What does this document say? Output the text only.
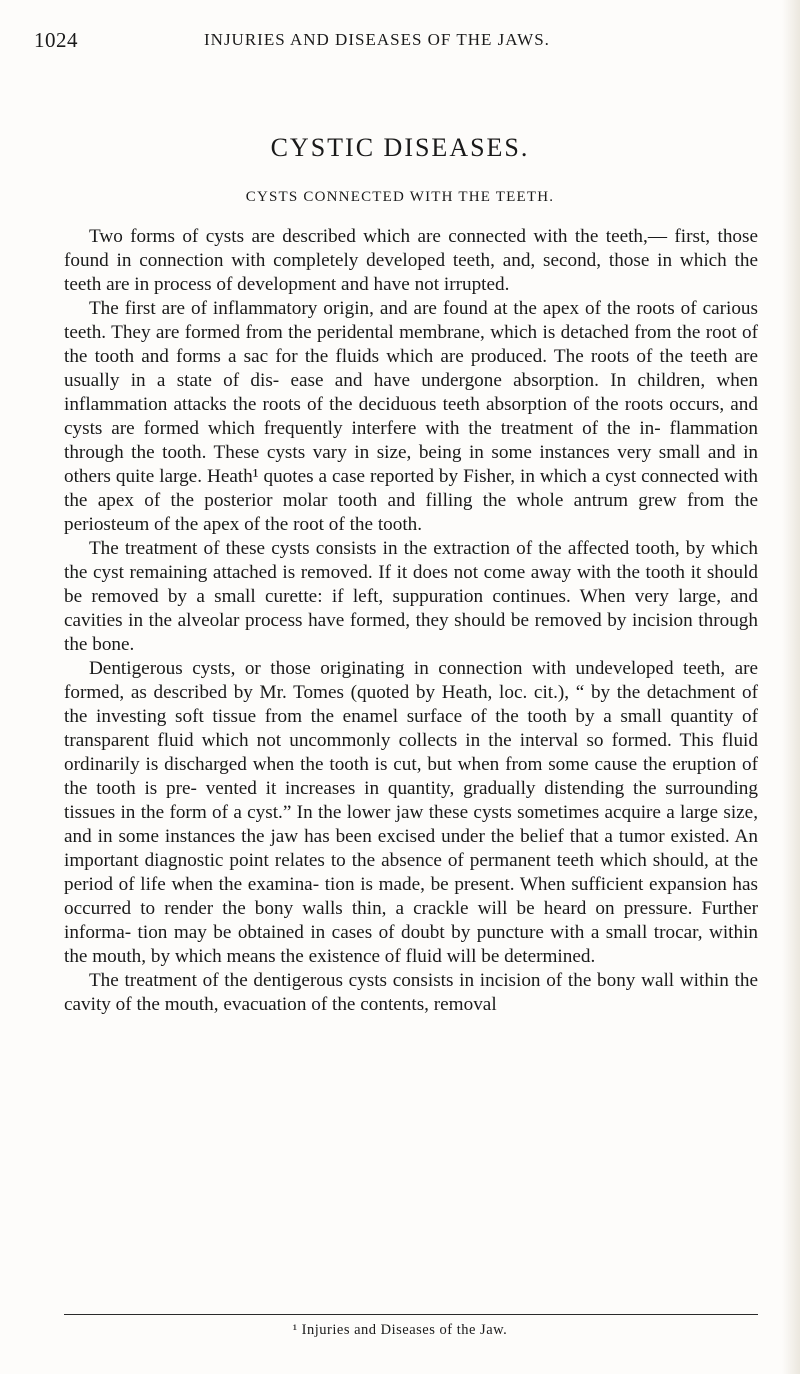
1024	INJURIES AND DISEASES OF THE JAWS.
CYSTIC DISEASES.
CYSTS CONNECTED WITH THE TEETH.

Two forms of cysts are described which are connected with the teeth,— first, those found in connection with completely developed teeth, and, second, those in which the teeth are in process of development and have not irrupted.

The first are of inflammatory origin, and are found at the apex of the roots of carious teeth. They are formed from the peridental membrane, which is detached from the root of the tooth and forms a sac for the fluids which are produced. The roots of the teeth are usually in a state of dis- ease and have undergone absorption. In children, when inflammation attacks the roots of the deciduous teeth absorption of the roots occurs, and cysts are formed which frequently interfere with the treatment of the in- flammation through the tooth. These cysts vary in size, being in some instances very small and in others quite large. Heath¹ quotes a case reported by Fisher, in which a cyst connected with the apex of the posterior molar tooth and filling the whole antrum grew from the periosteum of the apex of the root of the tooth.

The treatment of these cysts consists in the extraction of the affected tooth, by which the cyst remaining attached is removed. If it does not come away with the tooth it should be removed by a small curette: if left, suppuration continues. When very large, and cavities in the alveolar process have formed, they should be removed by incision through the bone.

Dentigerous cysts, or those originating in connection with undeveloped teeth, are formed, as described by Mr. Tomes (quoted by Heath, loc. cit.), “ by the detachment of the investing soft tissue from the enamel surface of the tooth by a small quantity of transparent fluid which not uncommonly collects in the interval so formed. This fluid ordinarily is discharged when the tooth is cut, but when from some cause the eruption of the tooth is pre- vented it increases in quantity, gradually distending the surrounding tissues in the form of a cyst.” In the lower jaw these cysts sometimes acquire a large size, and in some instances the jaw has been excised under the belief that a tumor existed. An important diagnostic point relates to the absence of permanent teeth which should, at the period of life when the examina- tion is made, be present. When sufficient expansion has occurred to render the bony walls thin, a crackle will be heard on pressure. Further informa- tion may be obtained in cases of doubt by puncture with a small trocar, within the mouth, by which means the existence of fluid will be determined.

The treatment of the dentigerous cysts consists in incision of the bony wall within the cavity of the mouth, evacuation of the contents, removal

¹ Injuries and Diseases of the Jaw.
